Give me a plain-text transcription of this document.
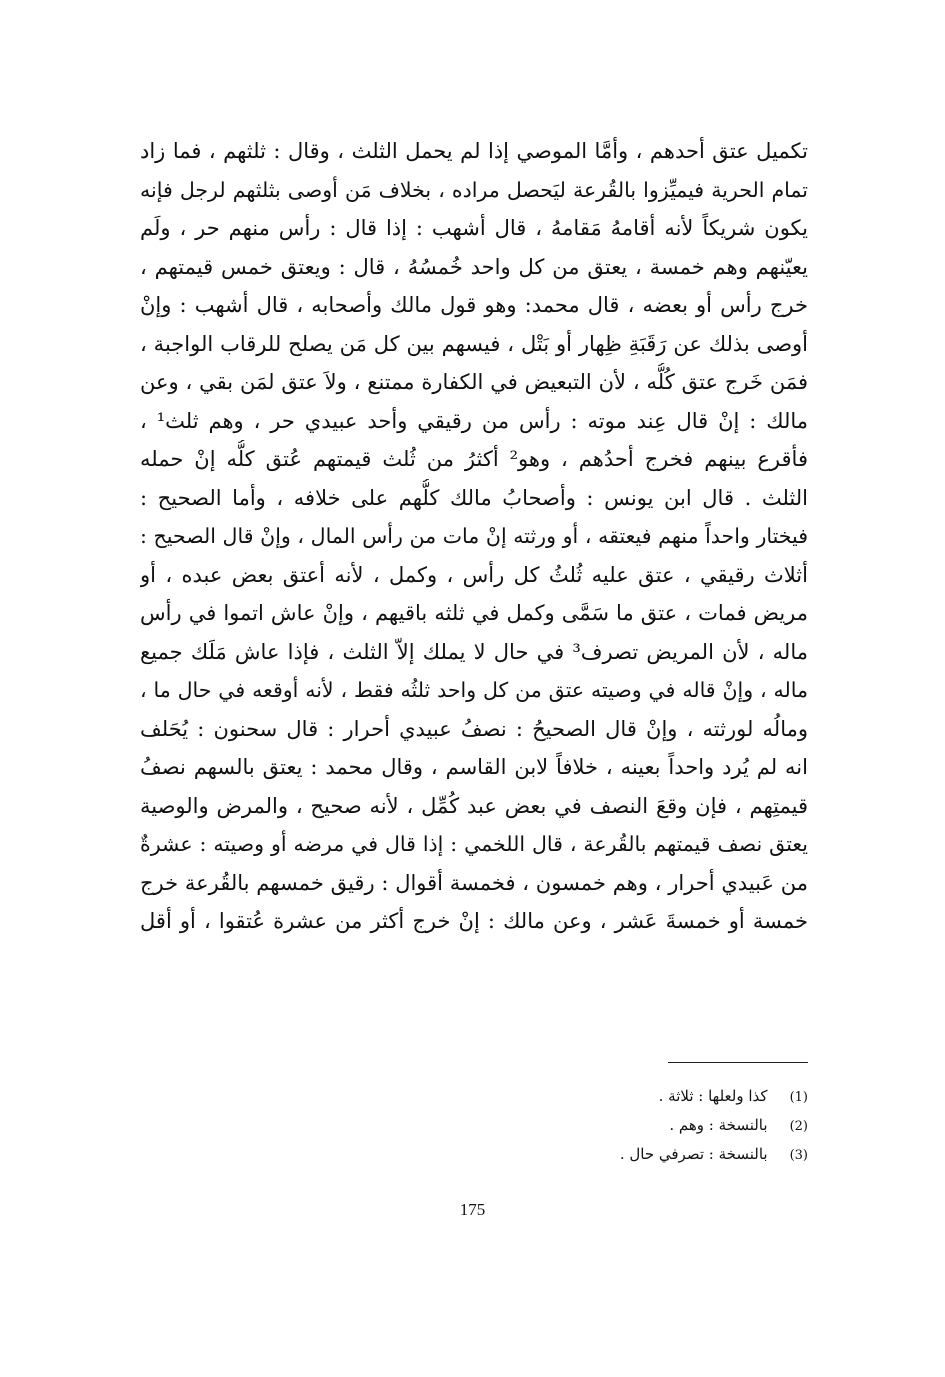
تكميل عتق أحدهم ، وأمَّا الموصي إذا لم يحمل الثلث ، وقال : ثلثهم ، فما زاد
تمام الحرية فيميِّزوا بالقُرعة ليَحصل مراده ، بخلاف مَن أوصى بثلثهم لرجل فإنه
يكون شريكاً لأنه أقامهُ مَقامهُ ، قال أشهب : إذا قال : رأس منهم حر ، ولَم
يعيّنهم وهم خمسة ، يعتق من كل واحد خُمسُهُ ، قال : ويعتق خمس قيمتهم ،
خرج رأس أو بعضه ، قال محمد: وهو قول مالك وأصحابه ، قال أشهب : وإنْ
أوصى بذلك عن رَقَبَةِ ظِهار أو بَتْل ، فيسهم بين كل مَن يصلح للرقاب الواجبة ،
فمَن خَرج عتق كُلُّه ، لأن التبعيض في الكفارة ممتنع ، ولاَ عتق لمَن بقي ، وعن
مالك : إنْ قال عِند موته : رأس من رقيقي وأحد عبيدي حر ، وهم ثلث¹ ،
فأقرع بينهم فخرج أحدُهم ، وهو² أكثرُ من ثُلث قيمتهم عُتق كلُّه إنْ حمله
الثلث . قال ابن يونس : وأصحابُ مالك كلُّهم على خلافه ، وأما الصحيح :
فيختار واحداً منهم فيعتقه ، أو ورثته إنْ مات من رأس المال ، وإنْ قال الصحيح :
أثلاث رقيقي ، عتق عليه ثُلثُ كل رأس ، وكمل ، لأنه أعتق بعض عبده ، أو
مريض فمات ، عتق ما سَمَّى وكمل في ثلثه باقيهم ، وإنْ عاش اتموا في رأس
ماله ، لأن المريض تصرف³ في حال لا يملك إلاّ الثلث ، فإذا عاش مَلَك جميع
ماله ، وإنْ قاله في وصيته عتق من كل واحد ثلثُه فقط ، لأنه أوقعه في حال ما ،
ومالُه لورثته ، وإنْ قال الصحيحُ : نصفُ عبيدي أحرار : قال سحنون : يُحَلف
انه لم يُرد واحداً بعينه ، خلافاً لابن القاسم ، وقال محمد : يعتق بالسهم نصفُ
قيمتِهم ، فإن وقعَ النصف في بعض عبد كُمِّل ، لأنه صحيح ، والمرض والوصية
يعتق نصف قيمتهم بالقُرعة ، قال اللخمي : إذا قال في مرضه أو وصيته : عشرةٌ
من عَبيدي أحرار ، وهم خمسون ، فخمسة أقوال : رقيق خمسهم بالقُرعة خرج
خمسة أو خمسةَ عَشر ، وعن مالك : إنْ خرج أكثر من عشرة عُتقوا ، أو أقل
(1)كذا ولعلها : ثلاثة .
(2)بالنسخة : وهم .
(3)بالنسخة : تصرفي حال .
175
